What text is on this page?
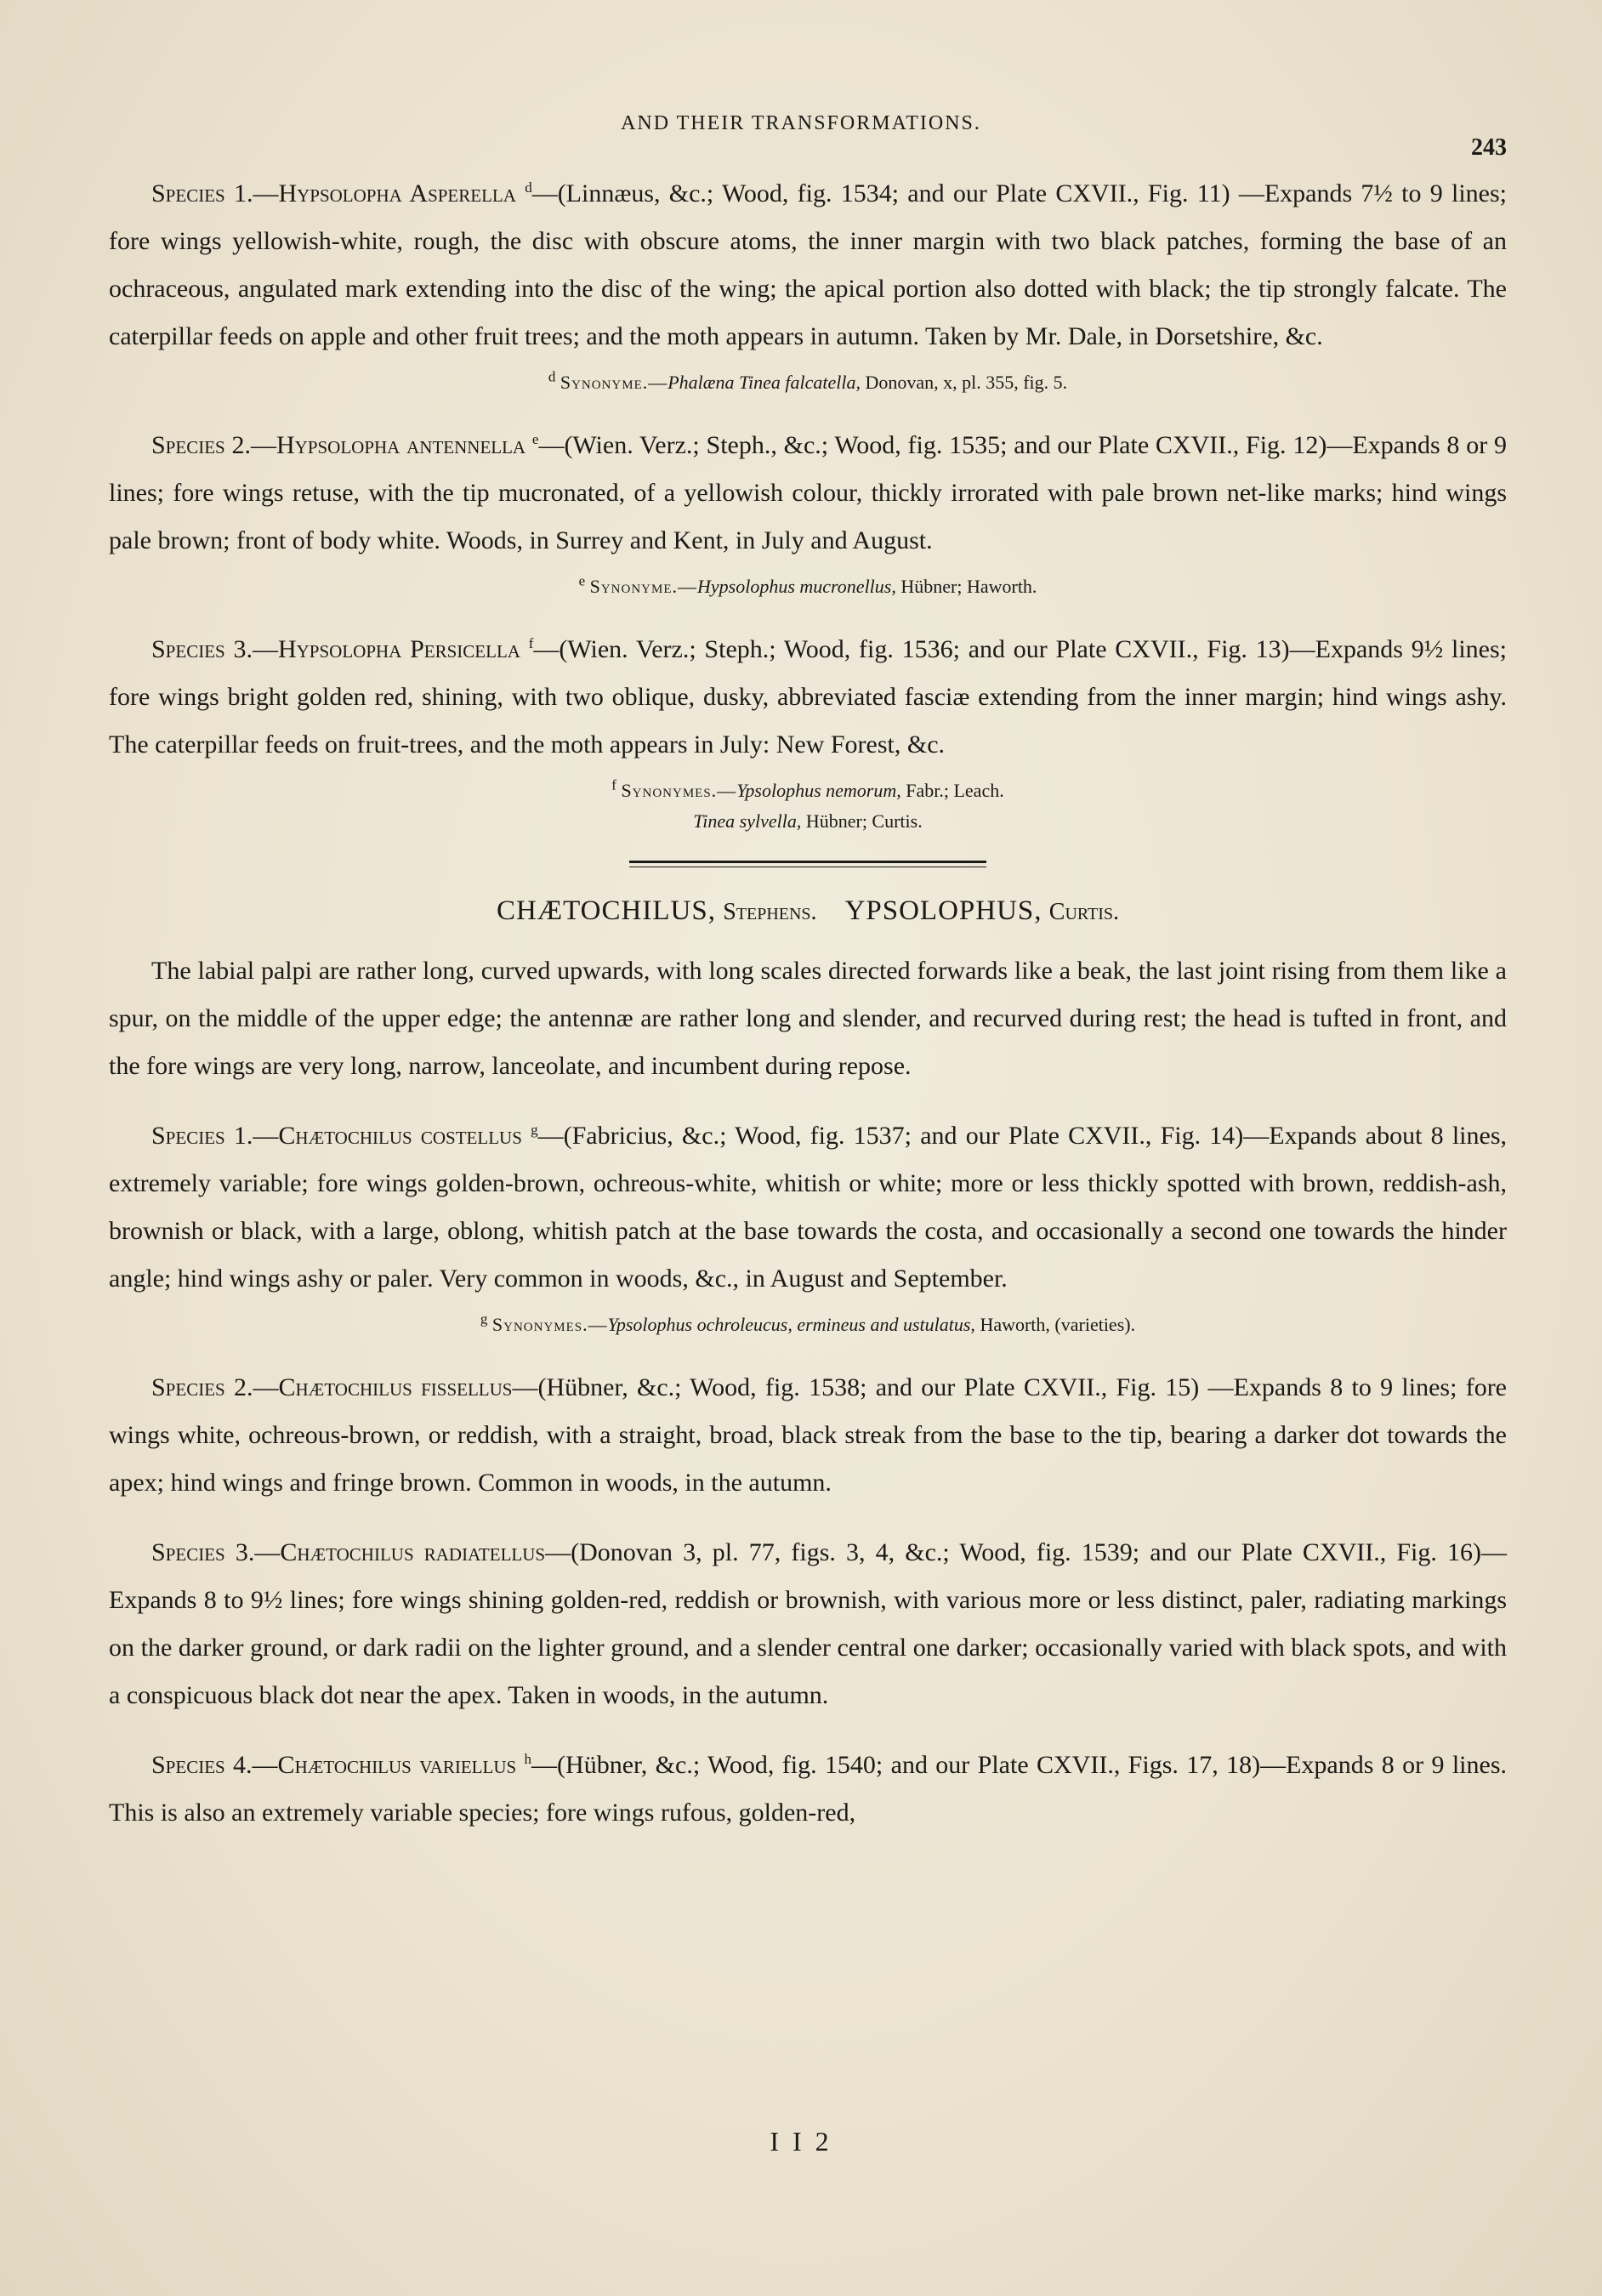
AND THEIR TRANSFORMATIONS.
243

Species 1.—Hypsolopha Asperella $^d$—(Linnæus, &c.; Wood, fig. 1534; and our Plate CXVII., Fig. 11) —Expands 7½ to 9 lines; fore wings yellowish-white, rough, the disc with obscure atoms, the inner margin with two black patches, forming the base of an ochraceous, angulated mark extending into the disc of the wing; the apical portion also dotted with black; the tip strongly falcate. The caterpillar feeds on apple and other fruit trees; and the moth appears in autumn. Taken by Mr. Dale, in Dorsetshire, &c.

$^d$ Synonyme.—Phalæna Tinea falcatella, Donovan, x, pl. 355, fig. 5.

Species 2.—Hypsolopha antennella $^e$—(Wien. Verz.; Steph., &c.; Wood, fig. 1535; and our Plate CXVII., Fig. 12)—Expands 8 or 9 lines; fore wings retuse, with the tip mucronated, of a yellowish colour, thickly irrorated with pale brown net-like marks; hind wings pale brown; front of body white. Woods, in Surrey and Kent, in July and August.

$^e$ Synonyme.—Hypsolophus mucronellus, Hübner; Haworth.

Species 3.—Hypsolopha Persicella $^f$—(Wien. Verz.; Steph.; Wood, fig. 1536; and our Plate CXVII., Fig. 13)—Expands 9½ lines; fore wings bright golden red, shining, with two oblique, dusky, abbreviated fasciæ extending from the inner margin; hind wings ashy. The caterpillar feeds on fruit-trees, and the moth appears in July: New Forest, &c.

$^f$ Synonymes.—Ypsolophus nemorum, Fabr.; Leach.
Tinea sylvella, Hübner; Curtis.
CHÆTOCHILUS, Stephens. YPSOLOPHUS, Curtis.

The labial palpi are rather long, curved upwards, with long scales directed forwards like a beak, the last joint rising from them like a spur, on the middle of the upper edge; the antennæ are rather long and slender, and recurved during rest; the head is tufted in front, and the fore wings are very long, narrow, lanceolate, and incumbent during repose.

Species 1.—Chætochilus costellus $^g$—(Fabricius, &c.; Wood, fig. 1537; and our Plate CXVII., Fig. 14)—Expands about 8 lines, extremely variable; fore wings golden-brown, ochreous-white, whitish or white; more or less thickly spotted with brown, reddish-ash, brownish or black, with a large, oblong, whitish patch at the base towards the costa, and occasionally a second one towards the hinder angle; hind wings ashy or paler. Very common in woods, &c., in August and September.

$^g$ Synonymes.—Ypsolophus ochroleucus, ermineus and ustulatus, Haworth, (varieties).

Species 2.—Chætochilus fissellus—(Hübner, &c.; Wood, fig. 1538; and our Plate CXVII., Fig. 15) —Expands 8 to 9 lines; fore wings white, ochreous-brown, or reddish, with a straight, broad, black streak from the base to the tip, bearing a darker dot towards the apex; hind wings and fringe brown. Common in woods, in the autumn.

Species 3.—Chætochilus radiatellus—(Donovan 3, pl. 77, figs. 3, 4, &c.; Wood, fig. 1539; and our Plate CXVII., Fig. 16)—Expands 8 to 9½ lines; fore wings shining golden-red, reddish or brownish, with various more or less distinct, paler, radiating markings on the darker ground, or dark radii on the lighter ground, and a slender central one darker; occasionally varied with black spots, and with a conspicuous black dot near the apex. Taken in woods, in the autumn.

Species 4.—Chætochilus variellus $^h$—(Hübner, &c.; Wood, fig. 1540; and our Plate CXVII., Figs. 17, 18)—Expands 8 or 9 lines. This is also an extremely variable species; fore wings rufous, golden-red,

I I 2
